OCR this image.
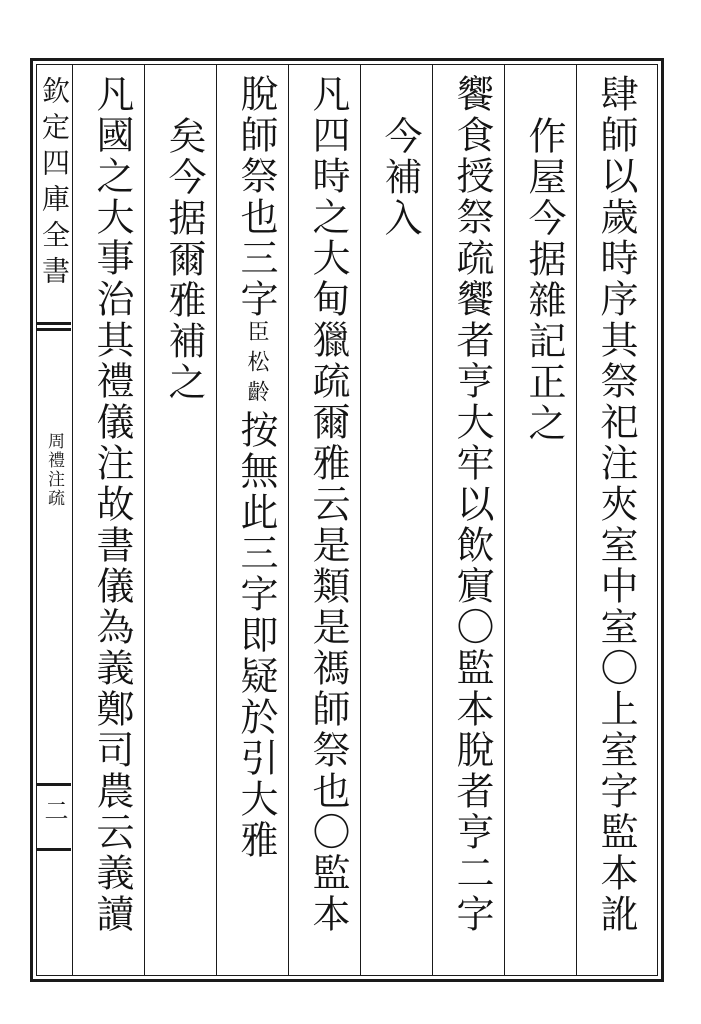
欽定四庫全書
周禮注疏
二	肆師以歲時序其祭祀注夾室中室〇上室字監本訛
作屋今据雜記正之
饗食授祭疏饗者亨大牢以飲賔〇監本脫者亨二字
今補入
凡四時之大甸獵疏爾雅云是類是禡師祭也〇監本
脫師祭也三字臣松齡按無此三字即疑於引大雅
矣今据爾雅補之
凡國之大事治其禮儀注故書儀為義鄭司農云義讀
